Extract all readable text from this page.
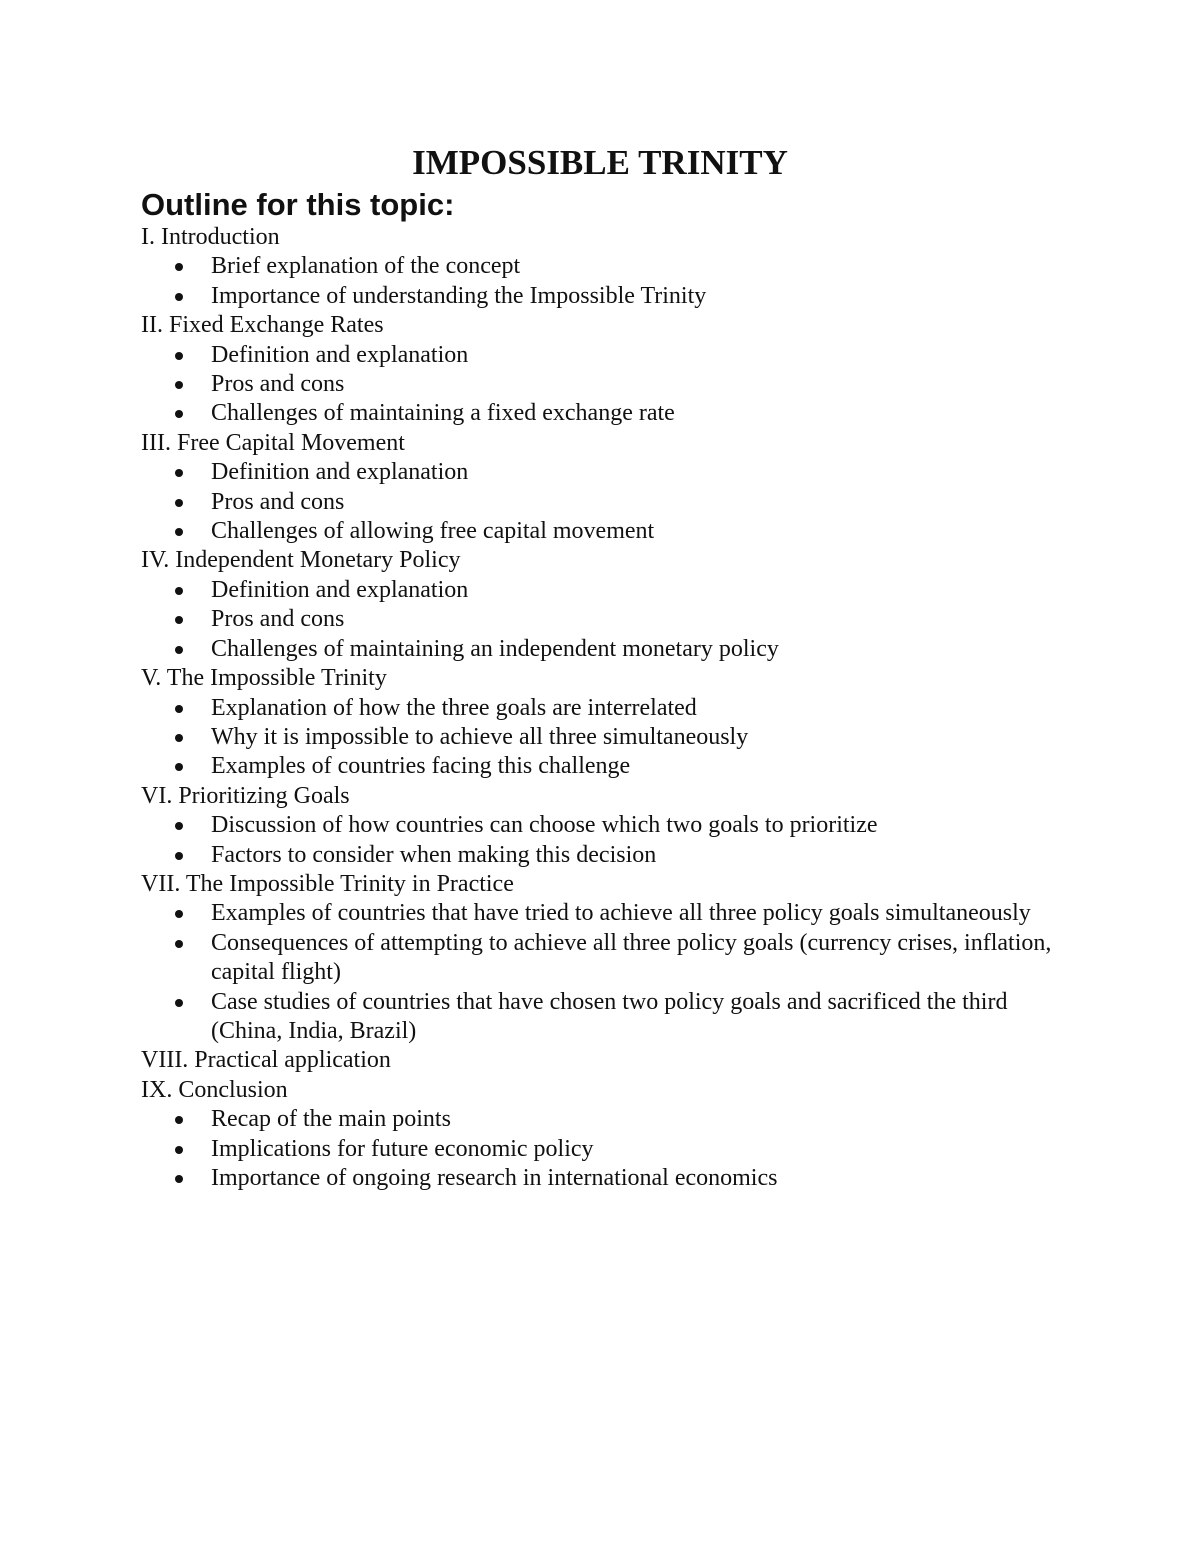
IMPOSSIBLE TRINITY
Outline for this topic:
I. Introduction
Brief explanation of the concept
Importance of understanding the Impossible Trinity
II. Fixed Exchange Rates
Definition and explanation
Pros and cons
Challenges of maintaining a fixed exchange rate
III. Free Capital Movement
Definition and explanation
Pros and cons
Challenges of allowing free capital movement
IV. Independent Monetary Policy
Definition and explanation
Pros and cons
Challenges of maintaining an independent monetary policy
V. The Impossible Trinity
Explanation of how the three goals are interrelated
Why it is impossible to achieve all three simultaneously
Examples of countries facing this challenge
VI. Prioritizing Goals
Discussion of how countries can choose which two goals to prioritize
Factors to consider when making this decision
VII. The Impossible Trinity in Practice
Examples of countries that have tried to achieve all three policy goals simultaneously
Consequences of attempting to achieve all three policy goals (currency crises, inflation, capital flight)
Case studies of countries that have chosen two policy goals and sacrificed the third (China, India, Brazil)
VIII. Practical application
IX. Conclusion
Recap of the main points
Implications for future economic policy
Importance of ongoing research in international economics
